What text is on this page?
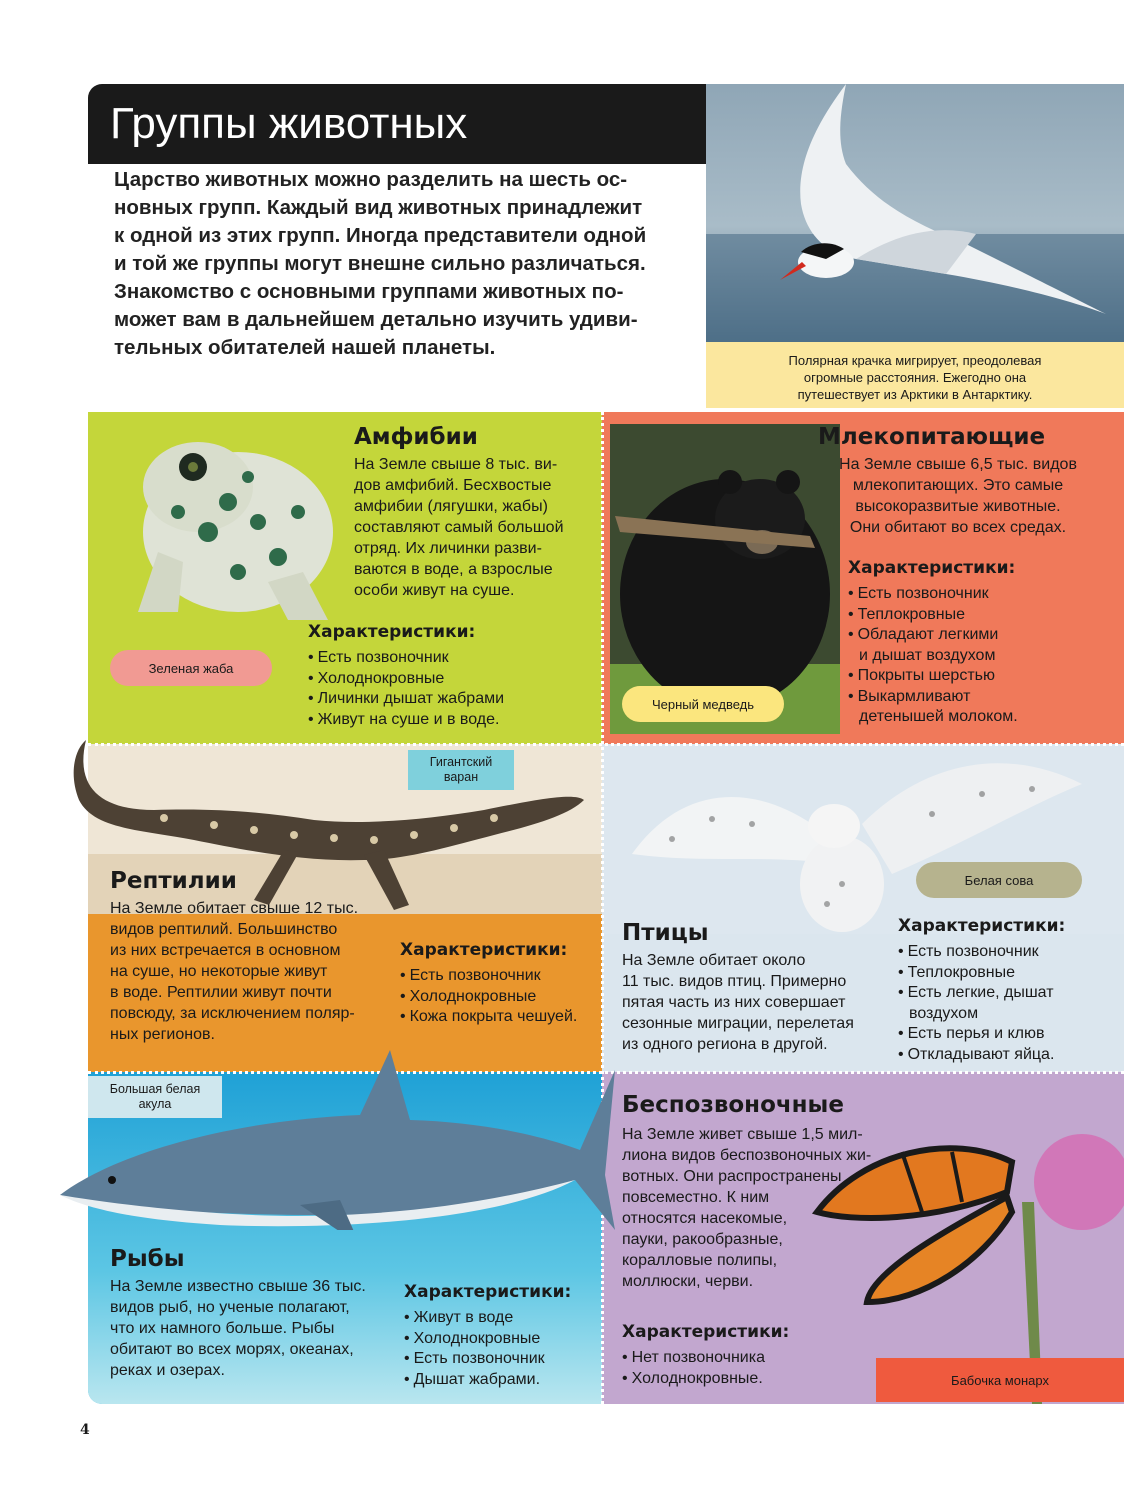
Группы животных
Царство животных можно разделить на шесть ос-
новных групп. Каждый вид животных принадлежит
к одной из этих групп. Иногда представители одной
и той же группы могут внешне сильно различаться.
Знакомство с основными группами животных по-
может вам в дальнейшем детально изучить удиви-
тельных обитателей нашей планеты.
Полярная крачка мигрирует, преодолевая
огромные расстояния. Ежегодно она
путешествует из Арктики в Антарктику.
Амфибии
На Земле свыше 8 тыс. ви-
дов амфибий. Бесхвостые
амфибии (лягушки, жабы)
составляют самый большой
отряд. Их личинки разви-
ваются в воде, а взрослые
особи живут на суше.
Характеристики:
• Есть позвоночник
• Холоднокровные
• Личинки дышат жабрами
• Живут на суше и в воде.
Зеленая жаба
Млекопитающие
На Земле свыше 6,5 тыс. видов
млекопитающих. Это самые
высокоразвитые животные.
Они обитают во всех средах.
Характеристики:
• Есть позвоночник
• Теплокровные
• Обладают легкими
и дышат воздухом
• Покрыты шерстью
• Выкармливают
детенышей молоком.
Черный медведь
Гигантский
варан
Рептилии
На Земле обитает свыше 12 тыс.
видов рептилий. Большинство
из них встречается в основном
на суше, но некоторые живут
в воде. Рептилии живут почти
повсюду, за исключением поляр-
ных регионов.
Характеристики:
• Есть позвоночник
• Холоднокровные
• Кожа покрыта чешуей.
Белая сова
Птицы
На Земле обитает около
11 тыс. видов птиц. Примерно
пятая часть из них совершает
сезонные миграции, перелетая
из одного региона в другой.
Характеристики:
• Есть позвоночник
• Теплокровные
• Есть легкие, дышат
воздухом
• Есть перья и клюв
• Откладывают яйца.
Большая белая
акула
Рыбы
На Земле известно свыше 36 тыс.
видов рыб, но ученые полагают,
что их намного больше. Рыбы
обитают во всех морях, океанах,
реках и озерах.
Характеристики:
• Живут в воде
• Холоднокровные
• Есть позвоночник
• Дышат жабрами.
Беспозвоночные
На Земле живет свыше 1,5 мил-
лиона видов беспозвоночных жи-
вотных. Они распространены
повсеместно. К ним
относятся насекомые,
пауки, ракообразные,
коралловые полипы,
моллюски, черви.
Характеристики:
• Нет позвоночника
• Холоднокровные.	Бабочка монарх
4
